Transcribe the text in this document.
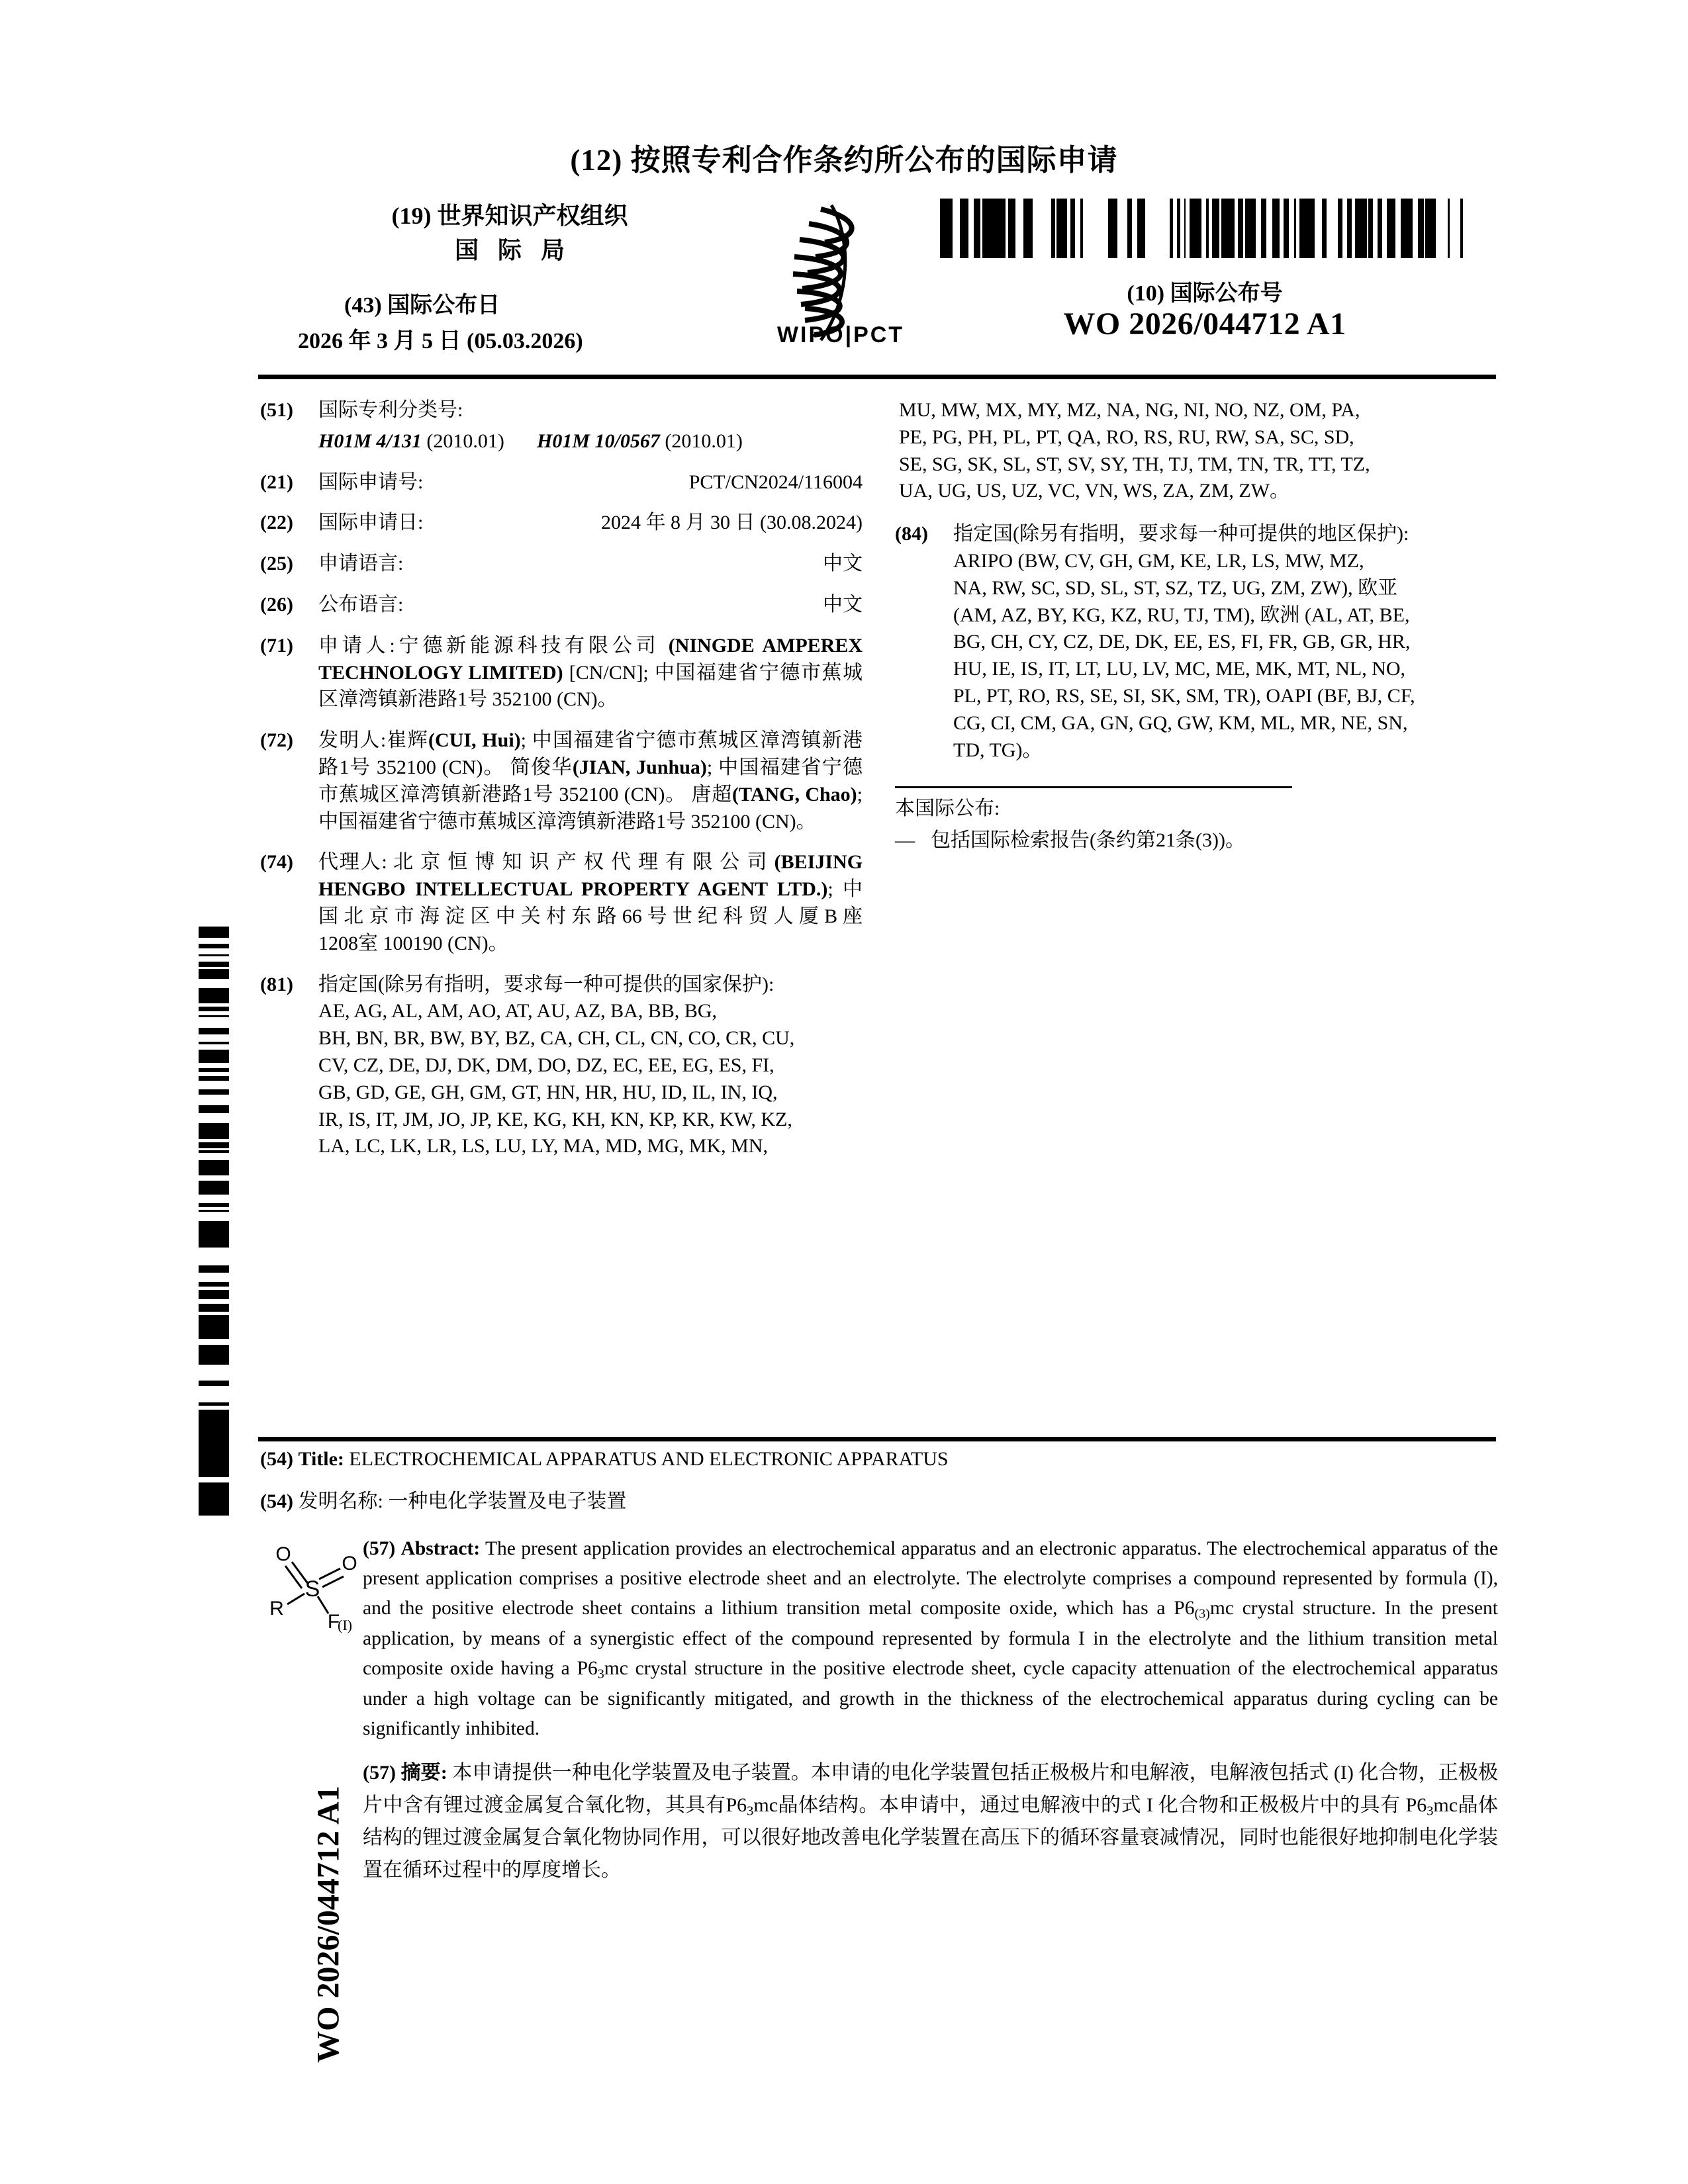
(12) 按照专利合作条约所公布的国际申请
(19) 世界知识产权组织
国 际 局
(43) 国际公布日
2026 年 3 月 5 日 (05.03.2026)	WIPO|PCT
(10) 国际公布号
WO 2026/044712 A1
(51)	国际专利分类号:
H01M 4/131 (2010.01)	H01M 10/0567 (2010.01)
(21)	国际申请号:	PCT/CN2024/116004
(22)	国际申请日:	2024 年 8 月 30 日 (30.08.2024)
(25)	申请语言:	中文
(26)	公布语言:	中文
(71)	申请人:宁德新能源科技有限公司 (NINGDE AMPEREX TECHNOLOGY LIMITED) [CN/CN]; 中国福建省宁德市蕉城区漳湾镇新港路1号 352100 (CN)。
(72)	发明人:崔辉(CUI, Hui); 中国福建省宁德市蕉城区漳湾镇新港路1号 352100 (CN)。 简俊华(JIAN, Junhua); 中国福建省宁德市蕉城区漳湾镇新港路1号 352100 (CN)。 唐超(TANG, Chao); 中国福建省宁德市蕉城区漳湾镇新港路1号 352100 (CN)。
(74)	代理人: 北 京 恒 博 知 识 产 权 代 理 有 限 公 司 (BEIJING HENGBO INTELLECTUAL PROPERTY AGENT LTD.); 中 国 北 京 市 海 淀 区 中 关 村 东 路 66 号 世 纪 科 贸 人 厦 B 座 1208室 100190 (CN)。
(81)	指定国(除另有指明，要求每一种可提供的国家保护): AE, AG, AL, AM, AO, AT, AU, AZ, BA, BB, BG,
BH, BN, BR, BW, BY, BZ, CA, CH, CL, CN, CO, CR, CU,
CV, CZ, DE, DJ, DK, DM, DO, DZ, EC, EE, EG, ES, FI,
GB, GD, GE, GH, GM, GT, HN, HR, HU, ID, IL, IN, IQ,
IR, IS, IT, JM, JO, JP, KE, KG, KH, KN, KP, KR, KW, KZ,
LA, LC, LK, LR, LS, LU, LY, MA, MD, MG, MK, MN,
MU, MW, MX, MY, MZ, NA, NG, NI, NO, NZ, OM, PA,
PE, PG, PH, PL, PT, QA, RO, RS, RU, RW, SA, SC, SD,
SE, SG, SK, SL, ST, SV, SY, TH, TJ, TM, TN, TR, TT, TZ,
UA, UG, US, UZ, VC, VN, WS, ZA, ZM, ZW。
(84)	指定国(除另有指明，要求每一种可提供的地区保护): ARIPO (BW, CV, GH, GM, KE, LR, LS, MW, MZ,
NA, RW, SC, SD, SL, ST, SZ, TZ, UG, ZM, ZW), 欧亚
(AM, AZ, BY, KG, KZ, RU, TJ, TM), 欧洲 (AL, AT, BE,
BG, CH, CY, CZ, DE, DK, EE, ES, FI, FR, GB, GR, HR,
HU, IE, IS, IT, LT, LU, LV, MC, ME, MK, MT, NL, NO,
PL, PT, RO, RS, SE, SI, SK, SM, TR), OAPI (BF, BJ, CF,
CG, CI, CM, GA, GN, GQ, GW, KM, ML, MR, NE, SN,
TD, TG)。
本国际公布:
— 包括国际检索报告(条约第21条(3))。
(54) Title: ELECTROCHEMICAL APPARATUS AND ELECTRONIC APPARATUS
(54) 发明名称: 一种电化学装置及电子装置
S
O	O
R
F
(I)
(57) Abstract: The present application provides an electrochemical apparatus and an electronic apparatus. The electrochemical apparatus of the present application comprises a positive electrode sheet and an electrolyte. The electrolyte comprises a compound represented by formula (I), and the positive electrode sheet contains a lithium transition metal composite oxide, which has a $P6_{(3)}mc$ crystal structure. In the present application, by means of a synergistic effect of the compound represented by formula I in the electrolyte and the lithium transition metal composite oxide having a $P6_3mc$ crystal structure in the positive electrode sheet, cycle capacity attenuation of the electrochemical apparatus under a high voltage can be significantly mitigated, and growth in the thickness of the electrochemical apparatus during cycling can be significantly inhibited.
(57) 摘要: 本申请提供一种电化学装置及电子装置。本申请的电化学装置包括正极极片和电解液，电解液包括式 (I) 化合物，正极极片中含有锂过渡金属复合氧化物，其具有$P6_3mc$晶体结构。本申请中，通过电解液中的式 I 化合物和正极极片中的具有 $P6_3mc$晶体结构的锂过渡金属复合氧化物协同作用，可以很好地改善电化学装置在高压下的循环容量衰减情况，同时也能很好地抑制电化学装置在循环过程中的厚度增长。
WO 2026/044712 A1
